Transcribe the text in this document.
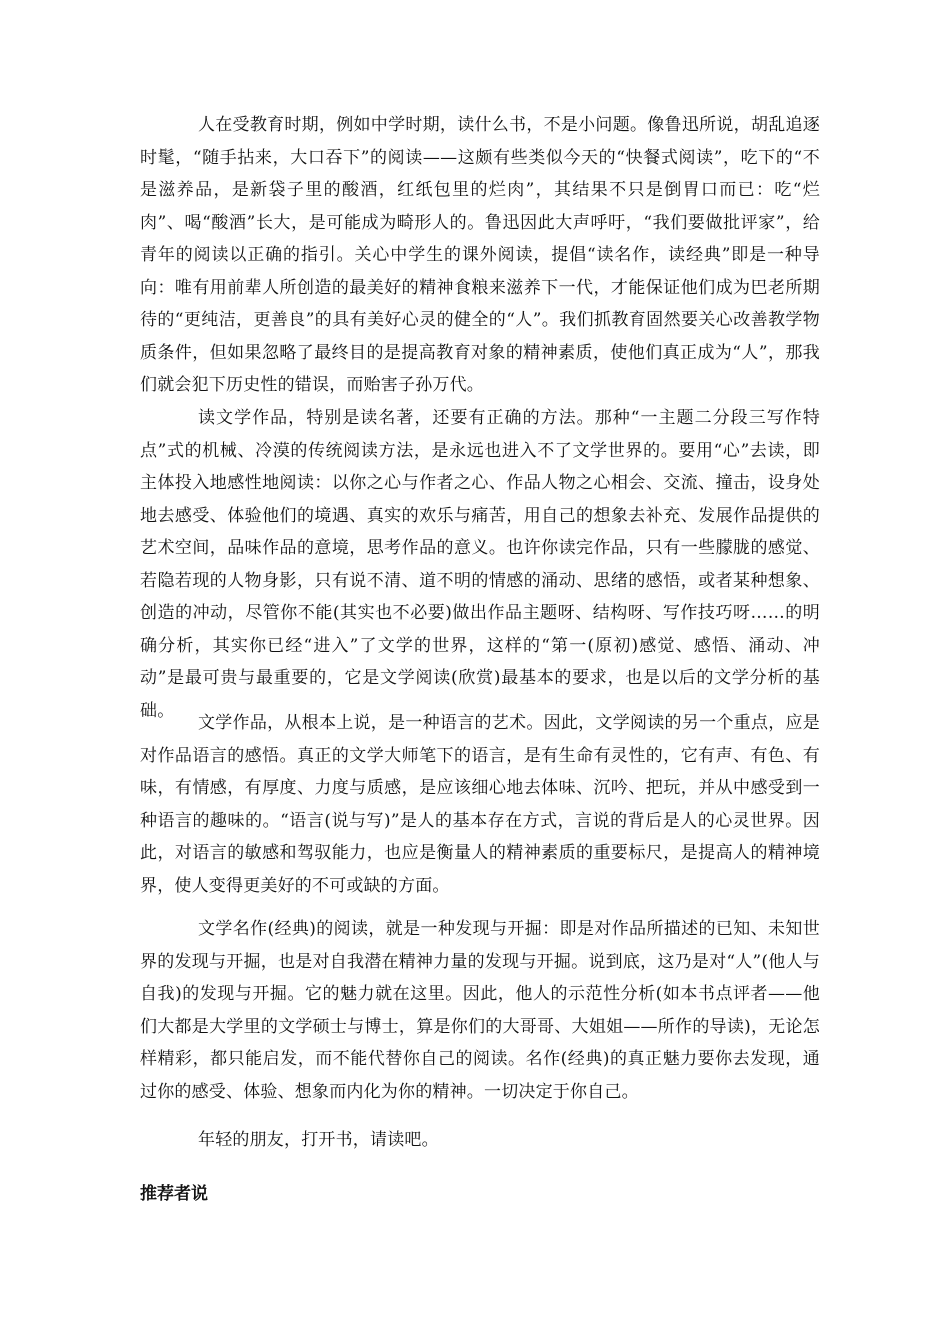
人在受教育时期，例如中学时期，读什么书，不是小问题。像鲁迅所说，胡乱追逐时髦，“随手拈来，大口吞下”的阅读——这颇有些类似今天的“快餐式阅读”，吃下的“不是滋养品，是新袋子里的酸酒，红纸包里的烂肉”，其结果不只是倒胃口而已：吃“烂肉”、喝“酸酒”长大，是可能成为畸形人的。鲁迅因此大声呼吁，“我们要做批评家”，给青年的阅读以正确的指引。关心中学生的课外阅读，提倡“读名作，读经典”即是一种导向：唯有用前辈人所创造的最美好的精神食粮来滋养下一代，才能保证他们成为巴老所期待的“更纯洁，更善良”的具有美好心灵的健全的“人”。我们抓教育固然要关心改善教学物质条件，但如果忽略了最终目的是提高教育对象的精神素质，使他们真正成为“人”，那我们就会犯下历史性的错误，而贻害子孙万代。

读文学作品，特别是读名著，还要有正确的方法。那种“一主题二分段三写作特点”式的机械、冷漠的传统阅读方法，是永远也进入不了文学世界的。要用“心”去读，即主体投入地感性地阅读：以你之心与作者之心、作品人物之心相会、交流、撞击，设身处地去感受、体验他们的境遇、真实的欢乐与痛苦，用自己的想象去补充、发展作品提供的艺术空间，品味作品的意境，思考作品的意义。也许你读完作品，只有一些朦胧的感觉、若隐若现的人物身影，只有说不清、道不明的情感的涌动、思绪的感悟，或者某种想象、创造的冲动，尽管你不能(其实也不必要)做出作品主题呀、结构呀、写作技巧呀……的明确分析，其实你已经“进入”了文学的世界，这样的“第一(原初)感觉、感悟、涌动、冲动”是最可贵与最重要的，它是文学阅读(欣赏)最基本的要求，也是以后的文学分析的基础。

文学作品，从根本上说，是一种语言的艺术。因此，文学阅读的另一个重点，应是对作品语言的感悟。真正的文学大师笔下的语言，是有生命有灵性的，它有声、有色、有味，有情感，有厚度、力度与质感，是应该细心地去体味、沉吟、把玩，并从中感受到一种语言的趣味的。“语言(说与写)”是人的基本存在方式，言说的背后是人的心灵世界。因此，对语言的敏感和驾驭能力，也应是衡量人的精神素质的重要标尺，是提高人的精神境界，使人变得更美好的不可或缺的方面。

文学名作(经典)的阅读，就是一种发现与开掘：即是对作品所描述的已知、未知世界的发现与开掘，也是对自我潜在精神力量的发现与开掘。说到底，这乃是对“人”(他人与自我)的发现与开掘。它的魅力就在这里。因此，他人的示范性分析(如本书点评者——他们大都是大学里的文学硕士与博士，算是你们的大哥哥、大姐姐——所作的导读)，无论怎样精彩，都只能启发，而不能代替你自己的阅读。名作(经典)的真正魅力要你去发现，通过你的感受、体验、想象而内化为你的精神。一切决定于你自己。

年轻的朋友，打开书，请读吧。

推荐者说
